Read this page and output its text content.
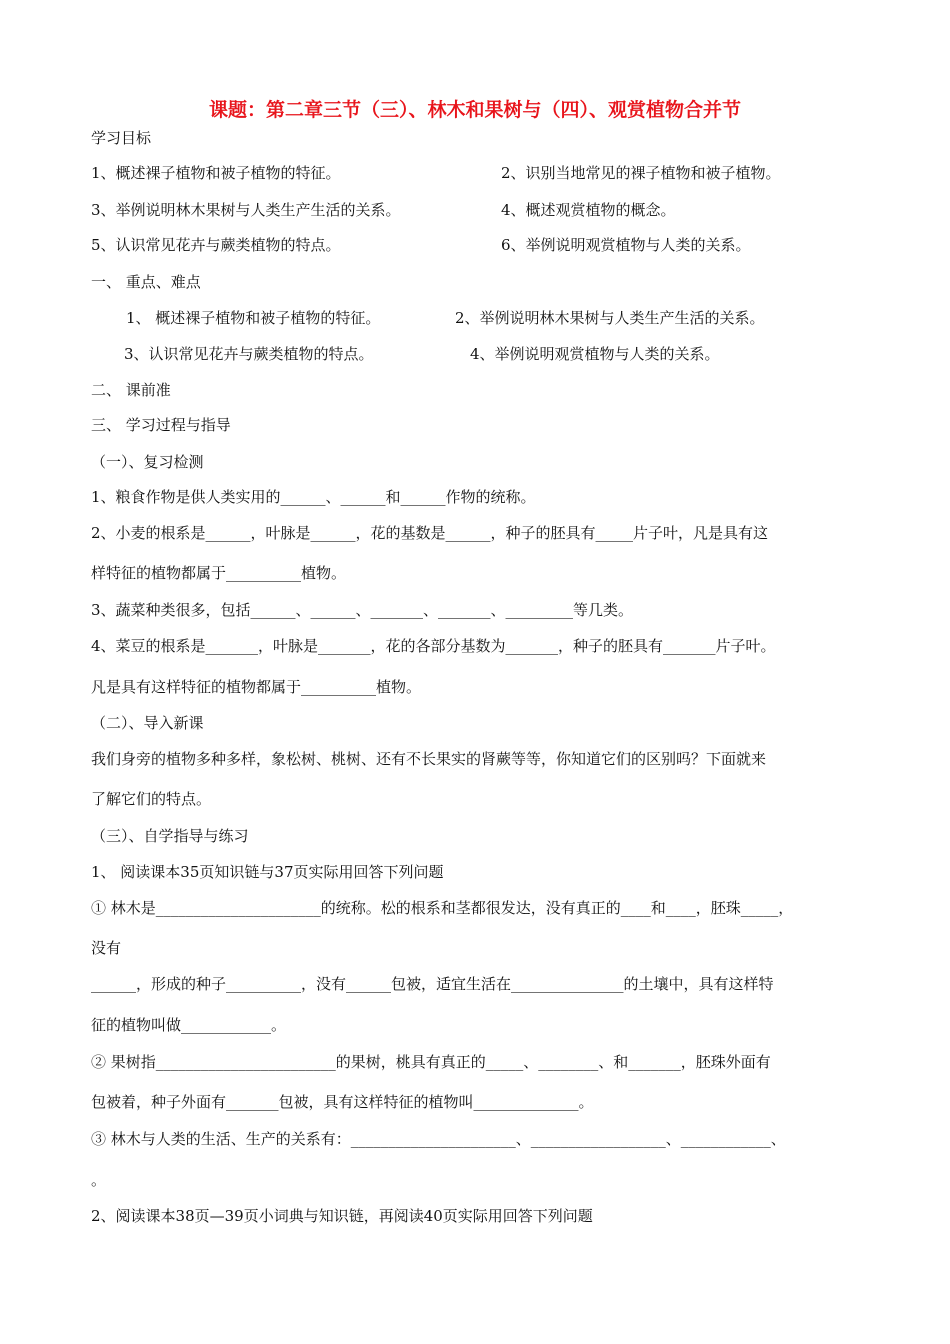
课题：第二章三节（三）、林木和果树与（四）、观赏植物合并节
学习目标
1、概述裸子植物和被子植物的特征。	2、识别当地常见的裸子植物和被子植物。
3、举例说明林木果树与人类生产生活的关系。	4、概述观赏植物的概念。
5、认识常见花卉与蕨类植物的特点。	6、举例说明观赏植物与人类的关系。
一、 重点、难点
1、 概述裸子植物和被子植物的特征。	2、举例说明林木果树与人类生产生活的关系。
3、认识常见花卉与蕨类植物的特点。	4、举例说明观赏植物与人类的关系。
二、 课前准
三、 学习过程与指导
（一）、复习检测
1、粮食作物是供人类实用的______、______和______作物的统称。
2、小麦的根系是______，叶脉是______，花的基数是______，种子的胚具有_____片子叶，凡是具有这
样特征的植物都属于__________植物。
3、蔬菜种类很多，包括______、______、_______、_______、_________等几类。
4、菜豆的根系是_______，叶脉是_______，花的各部分基数为_______，种子的胚具有_______片子叶。
凡是具有这样特征的植物都属于__________植物。
（二）、导入新课
我们身旁的植物多种多样，象松树、桃树、还有不长果实的肾蕨等等，你知道它们的区别吗？下面就来
了解它们的特点。
（三）、自学指导与练习
1、 阅读课本35页知识链与37页实际用回答下列问题
① 林木是______________________的统称。松的根系和茎都很发达，没有真正的____和____，胚珠_____，
没有
______，形成的种子__________，没有______包被，适宜生活在_______________的土壤中，具有这样特
征的植物叫做____________。
② 果树指________________________的果树，桃具有真正的_____、________、和_______，胚珠外面有
包被着，种子外面有_______包被，具有这样特征的植物叫______________。
③ 林木与人类的生活、生产的关系有：______________________、__________________、____________、
。
2、阅读课本38页—39页小词典与知识链，再阅读40页实际用回答下列问题
